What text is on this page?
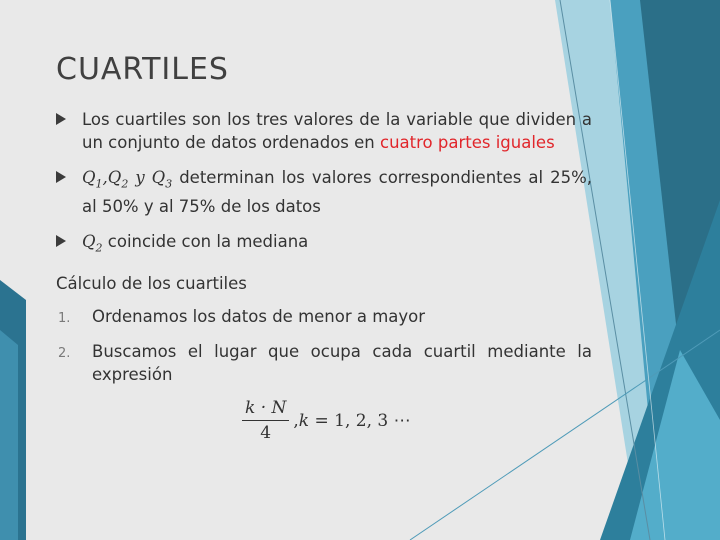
CUARTILES
Los cuartiles son los tres valores de la variable que dividen a un conjunto de datos ordenados en cuatro partes iguales
$Q_1,Q_2$ y $Q_3$ determinan los valores correspondientes al 25%, al 50% y al 75% de los datos
$Q_2$ coincide con la mediana
Cálculo de los cuartiles
1. Ordenamos los datos de menor a mayor
2. Buscamos el lugar que ocupa cada cuartil mediante la expresión
$\frac{k \cdot N}{4} ,k = 1$, 2, 3 ⋯
